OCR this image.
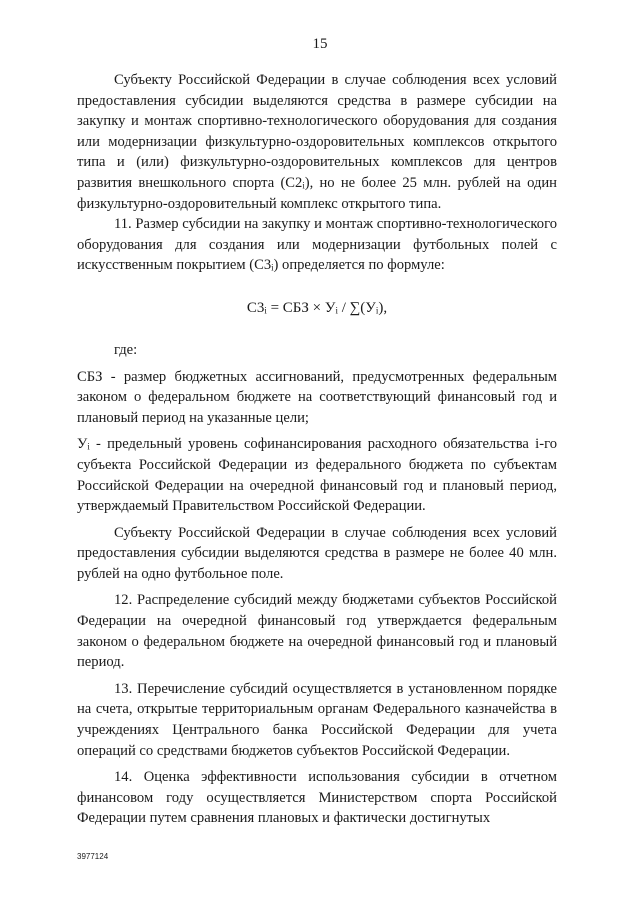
15

Субъекту Российской Федерации в случае соблюдения всех условий предоставления субсидии выделяются средства в размере субсидии на закупку и монтаж спортивно-технологического оборудования для создания или модернизации физкультурно-оздоровительных комплексов открытого типа и (или) физкультурно-оздоровительных комплексов для центров развития внешкольного спорта (C2ᵢ), но не более 25 млн. рублей на один физкультурно-оздоровительный комплекс открытого типа.

11. Размер субсидии на закупку и монтаж спортивно-технологического оборудования для создания или модернизации футбольных полей с искусственным покрытием (C3ᵢ) определяется по формуле:

C3ᵢ = СБЗ × Уᵢ / ∑(Уᵢ),

где:

СБЗ - размер бюджетных ассигнований, предусмотренных федеральным законом о федеральном бюджете на соответствующий финансовый год и плановый период на указанные цели;

Уᵢ - предельный уровень софинансирования расходного обязательства i-го субъекта Российской Федерации из федерального бюджета по субъектам Российской Федерации на очередной финансовый год и плановый период, утверждаемый Правительством Российской Федерации.

Субъекту Российской Федерации в случае соблюдения всех условий предоставления субсидии выделяются средства в размере не более 40 млн. рублей на одно футбольное поле.

12. Распределение субсидий между бюджетами субъектов Российской Федерации на очередной финансовый год утверждается федеральным законом о федеральном бюджете на очередной финансовый год и плановый период.

13. Перечисление субсидий осуществляется в установленном порядке на счета, открытые территориальным органам Федерального казначейства в учреждениях Центрального банка Российской Федерации для учета операций со средствами бюджетов субъектов Российской Федерации.

14. Оценка эффективности использования субсидии в отчетном финансовом году осуществляется Министерством спорта Российской Федерации путем сравнения плановых и фактически достигнутых

3977124
